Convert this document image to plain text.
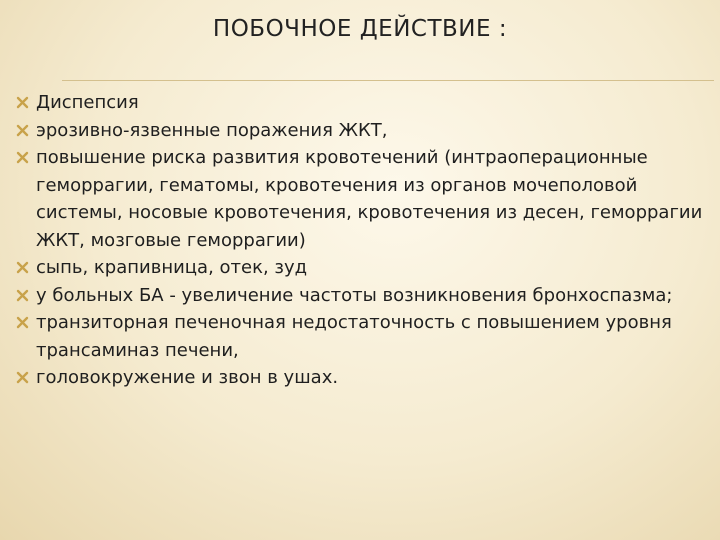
ПОБОЧНОЕ ДЕЙСТВИЕ :
Диспепсия
эрозивно-язвенные поражения ЖКТ,
повышение риска развития кровотечений (интраоперационные геморрагии, гематомы, кровотечения из органов мочеполовой системы, носовые кровотечения, кровотечения из десен, геморрагии ЖКТ, мозговые геморрагии)
сыпь, крапивница, отек, зуд
у больных БА - увеличение частоты возникновения бронхоспазма;
транзиторная печеночная недостаточность с повышением уровня трансаминаз печени,
головокружение и звон в ушах.
